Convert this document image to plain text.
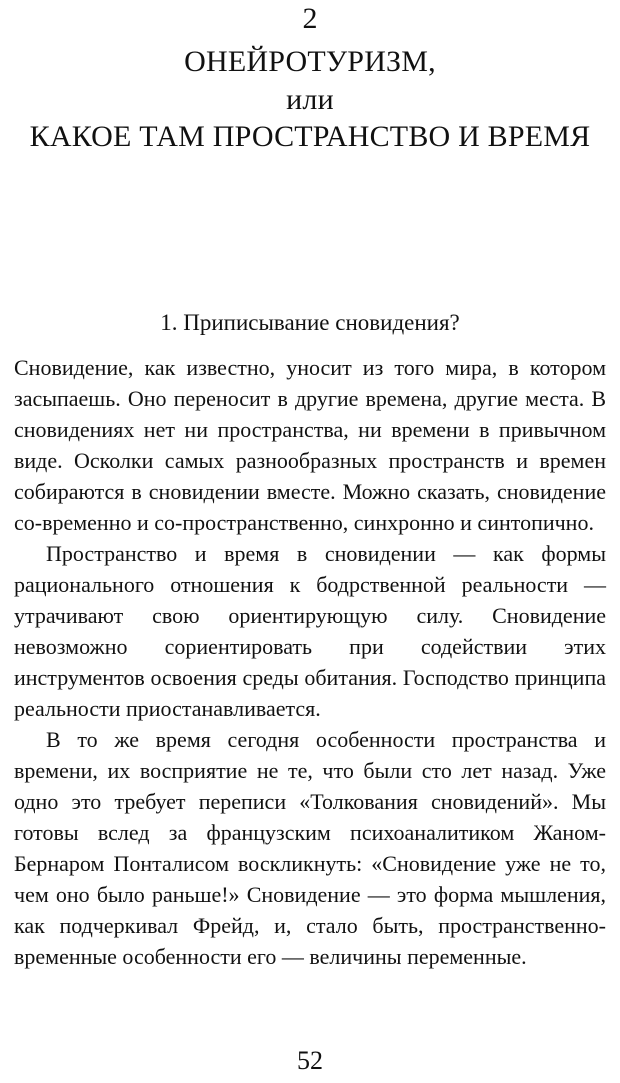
2
ОНЕЙРОТУРИЗМ,
или
КАКОЕ ТАМ ПРОСТРАНСТВО И ВРЕМЯ
1. Приписывание сновидения?

Сновидение, как известно, уносит из того мира, в котором засыпаешь. Оно переносит в другие времена, другие места. В сновидениях нет ни пространства, ни времени в привычном виде. Осколки самых разнообразных пространств и времен собираются в сновидении вместе. Можно сказать, сновидение со-временно и со-пространственно, синхронно и синтопично.

Пространство и время в сновидении — как формы рационального отношения к бодрственной реальности — утрачивают свою ориентирующую силу. Сновидение невозможно сориентировать при содействии этих инструментов освоения среды обитания. Господство принципа реальности приостанавливается.

В то же время сегодня особенности пространства и времени, их восприятие не те, что были сто лет назад. Уже одно это требует переписи «Толкования сновидений». Мы готовы вслед за французским психоаналитиком Жаном-Бернаром Понталисом воскликнуть: «Сновидение уже не то, чем оно было раньше!» Сновидение — это форма мышления, как подчеркивал Фрейд, и, стало быть, пространственно-временные особенности его — величины переменные.

52
